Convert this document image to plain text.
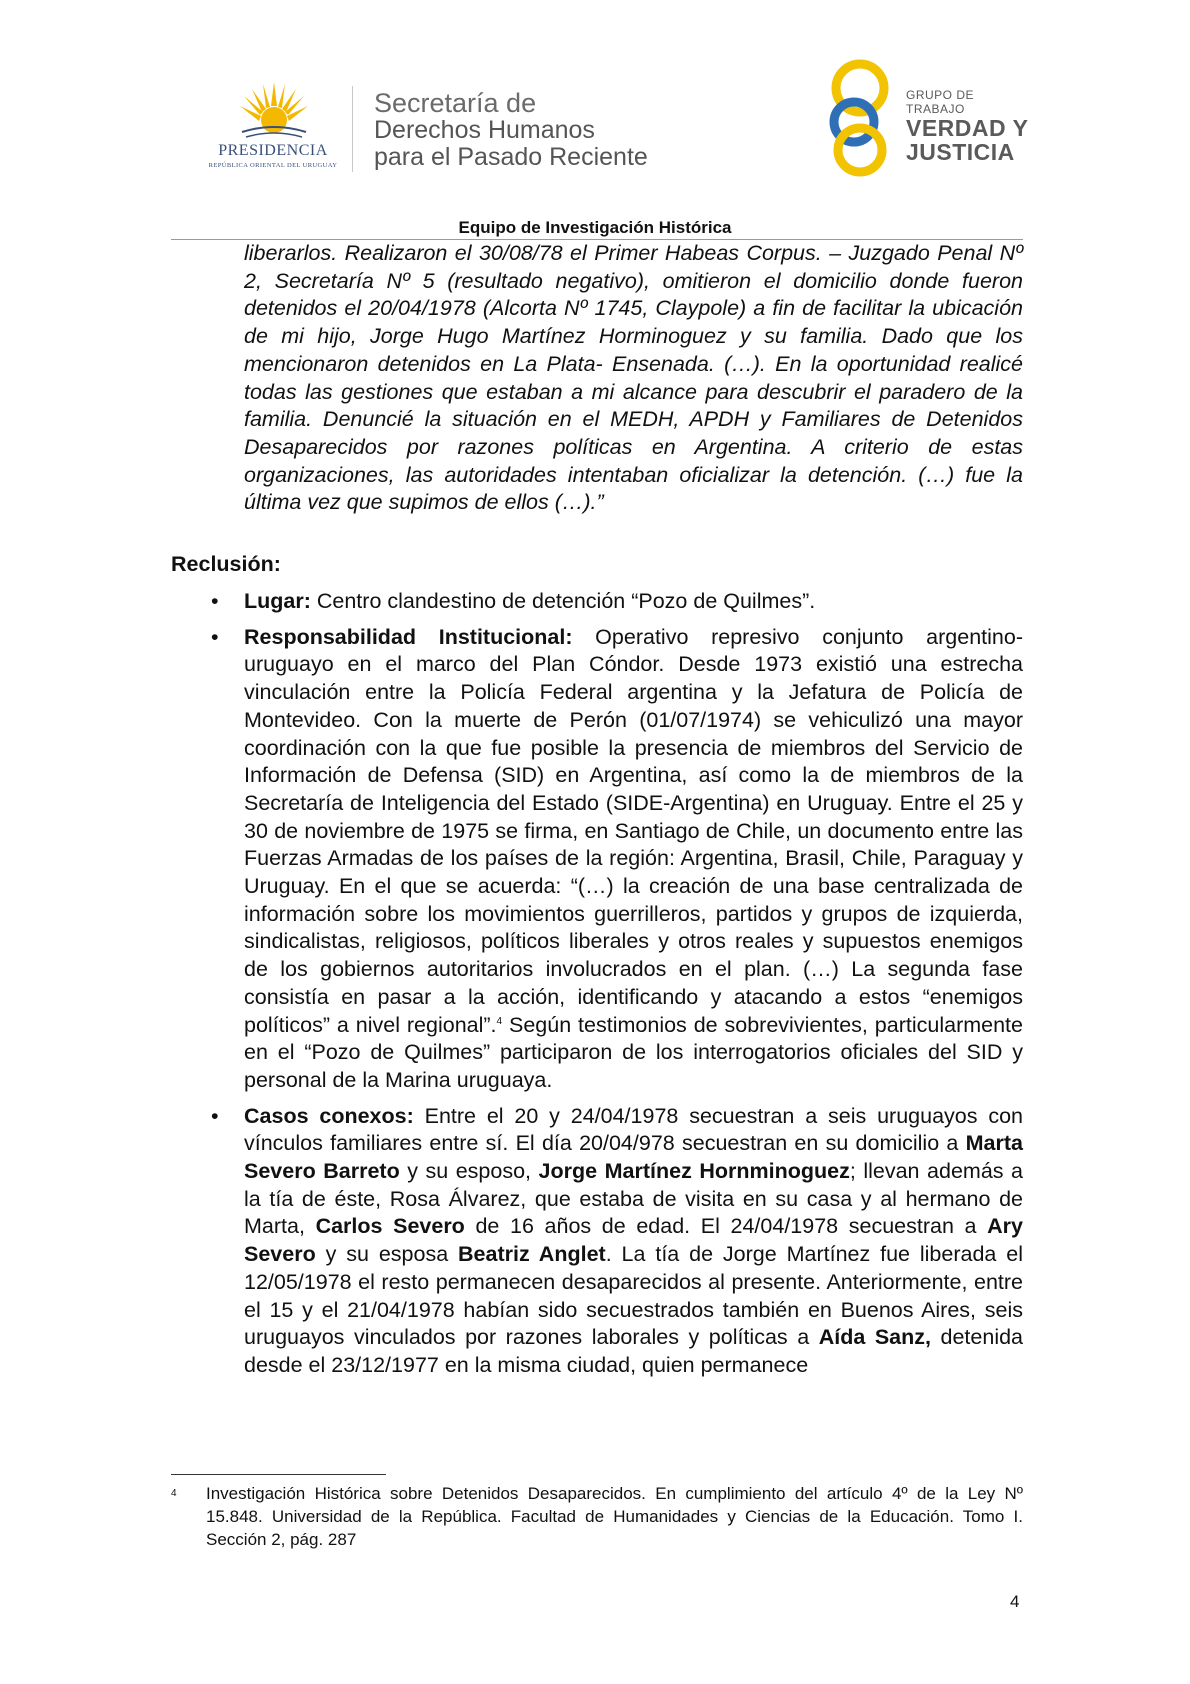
PRESIDENCIA
REPÚBLICA ORIENTAL DEL URUGUAY
Secretaría de
Derechos Humanos
para el Pasado Reciente
GRUPO DE TRABAJO
VERDAD Y
JUSTICIA
Equipo de Investigación Histórica
liberarlos. Realizaron el 30/08/78 el Primer Habeas Corpus. – Juzgado Penal Nº 2, Secretaría Nº 5 (resultado negativo), omitieron el domicilio donde fueron detenidos el 20/04/1978 (Alcorta Nº 1745, Claypole) a fin de facilitar la ubicación de mi hijo, Jorge Hugo Martínez Horminoguez y su familia. Dado que los mencionaron detenidos en La Plata- Ensenada. (…). En la oportunidad realicé todas las gestiones que estaban a mi alcance para descubrir el paradero de la familia. Denuncié la situación en el MEDH, APDH y Familiares de Detenidos Desaparecidos por razones políticas en Argentina. A criterio de estas organizaciones, las autoridades intentaban oficializar la detención. (…) fue la última vez que supimos de ellos (…).”
Reclusión:
• Lugar: Centro clandestino de detención “Pozo de Quilmes”.
• Responsabilidad Institucional: Operativo represivo conjunto argentino-uruguayo en el marco del Plan Cóndor. Desde 1973 existió una estrecha vinculación entre la Policía Federal argentina y la Jefatura de Policía de Montevideo. Con la muerte de Perón (01/07/1974) se vehiculizó una mayor coordinación con la que fue posible la presencia de miembros del Servicio de Información de Defensa (SID) en Argentina, así como la de miembros de la Secretaría de Inteligencia del Estado (SIDE-Argentina) en Uruguay. Entre el 25 y 30 de noviembre de 1975 se firma, en Santiago de Chile, un documento entre las Fuerzas Armadas de los países de la región: Argentina, Brasil, Chile, Paraguay y Uruguay. En el que se acuerda: “(…) la creación de una base centralizada de información sobre los movimientos guerrilleros, partidos y grupos de izquierda, sindicalistas, religiosos, políticos liberales y otros reales y supuestos enemigos de los gobiernos autoritarios involucrados en el plan. (…) La segunda fase consistía en pasar a la acción, identificando y atacando a estos “enemigos políticos” a nivel regional”.$^4$ Según testimonios de sobrevivientes, particularmente en el “Pozo de Quilmes” participaron de los interrogatorios oficiales del SID y personal de la Marina uruguaya.
• Casos conexos: Entre el 20 y 24/04/1978 secuestran a seis uruguayos con vínculos familiares entre sí. El día 20/04/978 secuestran en su domicilio a Marta Severo Barreto y su esposo, Jorge Martínez Hornminoguez; llevan además a la tía de éste, Rosa Álvarez, que estaba de visita en su casa y al hermano de Marta, Carlos Severo de 16 años de edad. El 24/04/1978 secuestran a Ary Severo y su esposa Beatriz Anglet. La tía de Jorge Martínez fue liberada el 12/05/1978 el resto permanecen desaparecidos al presente. Anteriormente, entre el 15 y el 21/04/1978 habían sido secuestrados también en Buenos Aires, seis uruguayos vinculados por razones laborales y políticas a Aída Sanz, detenida desde el 23/12/1977 en la misma ciudad, quien permanece
4	Investigación Histórica sobre Detenidos Desaparecidos. En cumplimiento del artículo 4º de la Ley Nº 15.848. Universidad de la República. Facultad de Humanidades y Ciencias de la Educación. Tomo I. Sección 2, pág. 287
4
